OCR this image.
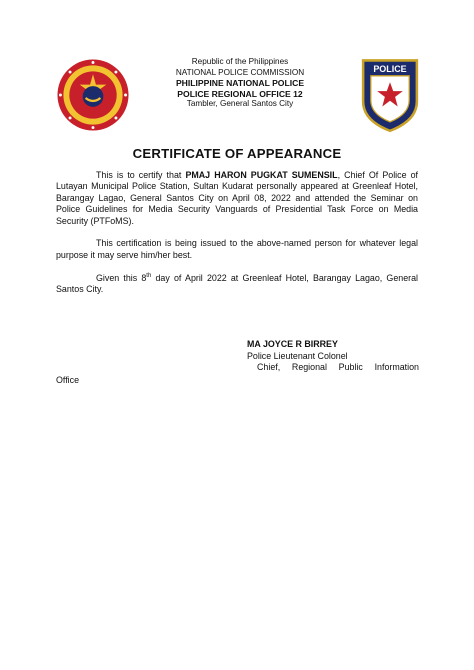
Republic of the Philippines
NATIONAL POLICE COMMISSION
PHILIPPINE NATIONAL POLICE
POLICE REGIONAL OFFICE 12
Tambler, General Santos City
POLICE
CERTIFICATE OF APPEARANCE

This is to certify that PMAJ HARON PUGKAT SUMENSIL, Chief Of Police of Lutayan Municipal Police Station, Sultan Kudarat personally appeared at Greenleaf Hotel, Barangay Lagao, General Santos City on April 08, 2022 and attended the Seminar on Police Guidelines for Media Security Vanguards of Presidential Task Force on Media Security (PTFoMS).

This certification is being issued to the above-named person for whatever legal purpose it may serve him/her best.

Given this 8th day of April 2022 at Greenleaf Hotel, Barangay Lagao, General Santos City.

MA JOYCE R BIRREY
Police Lieutenant Colonel
Chief, Regional Public Information
Office
